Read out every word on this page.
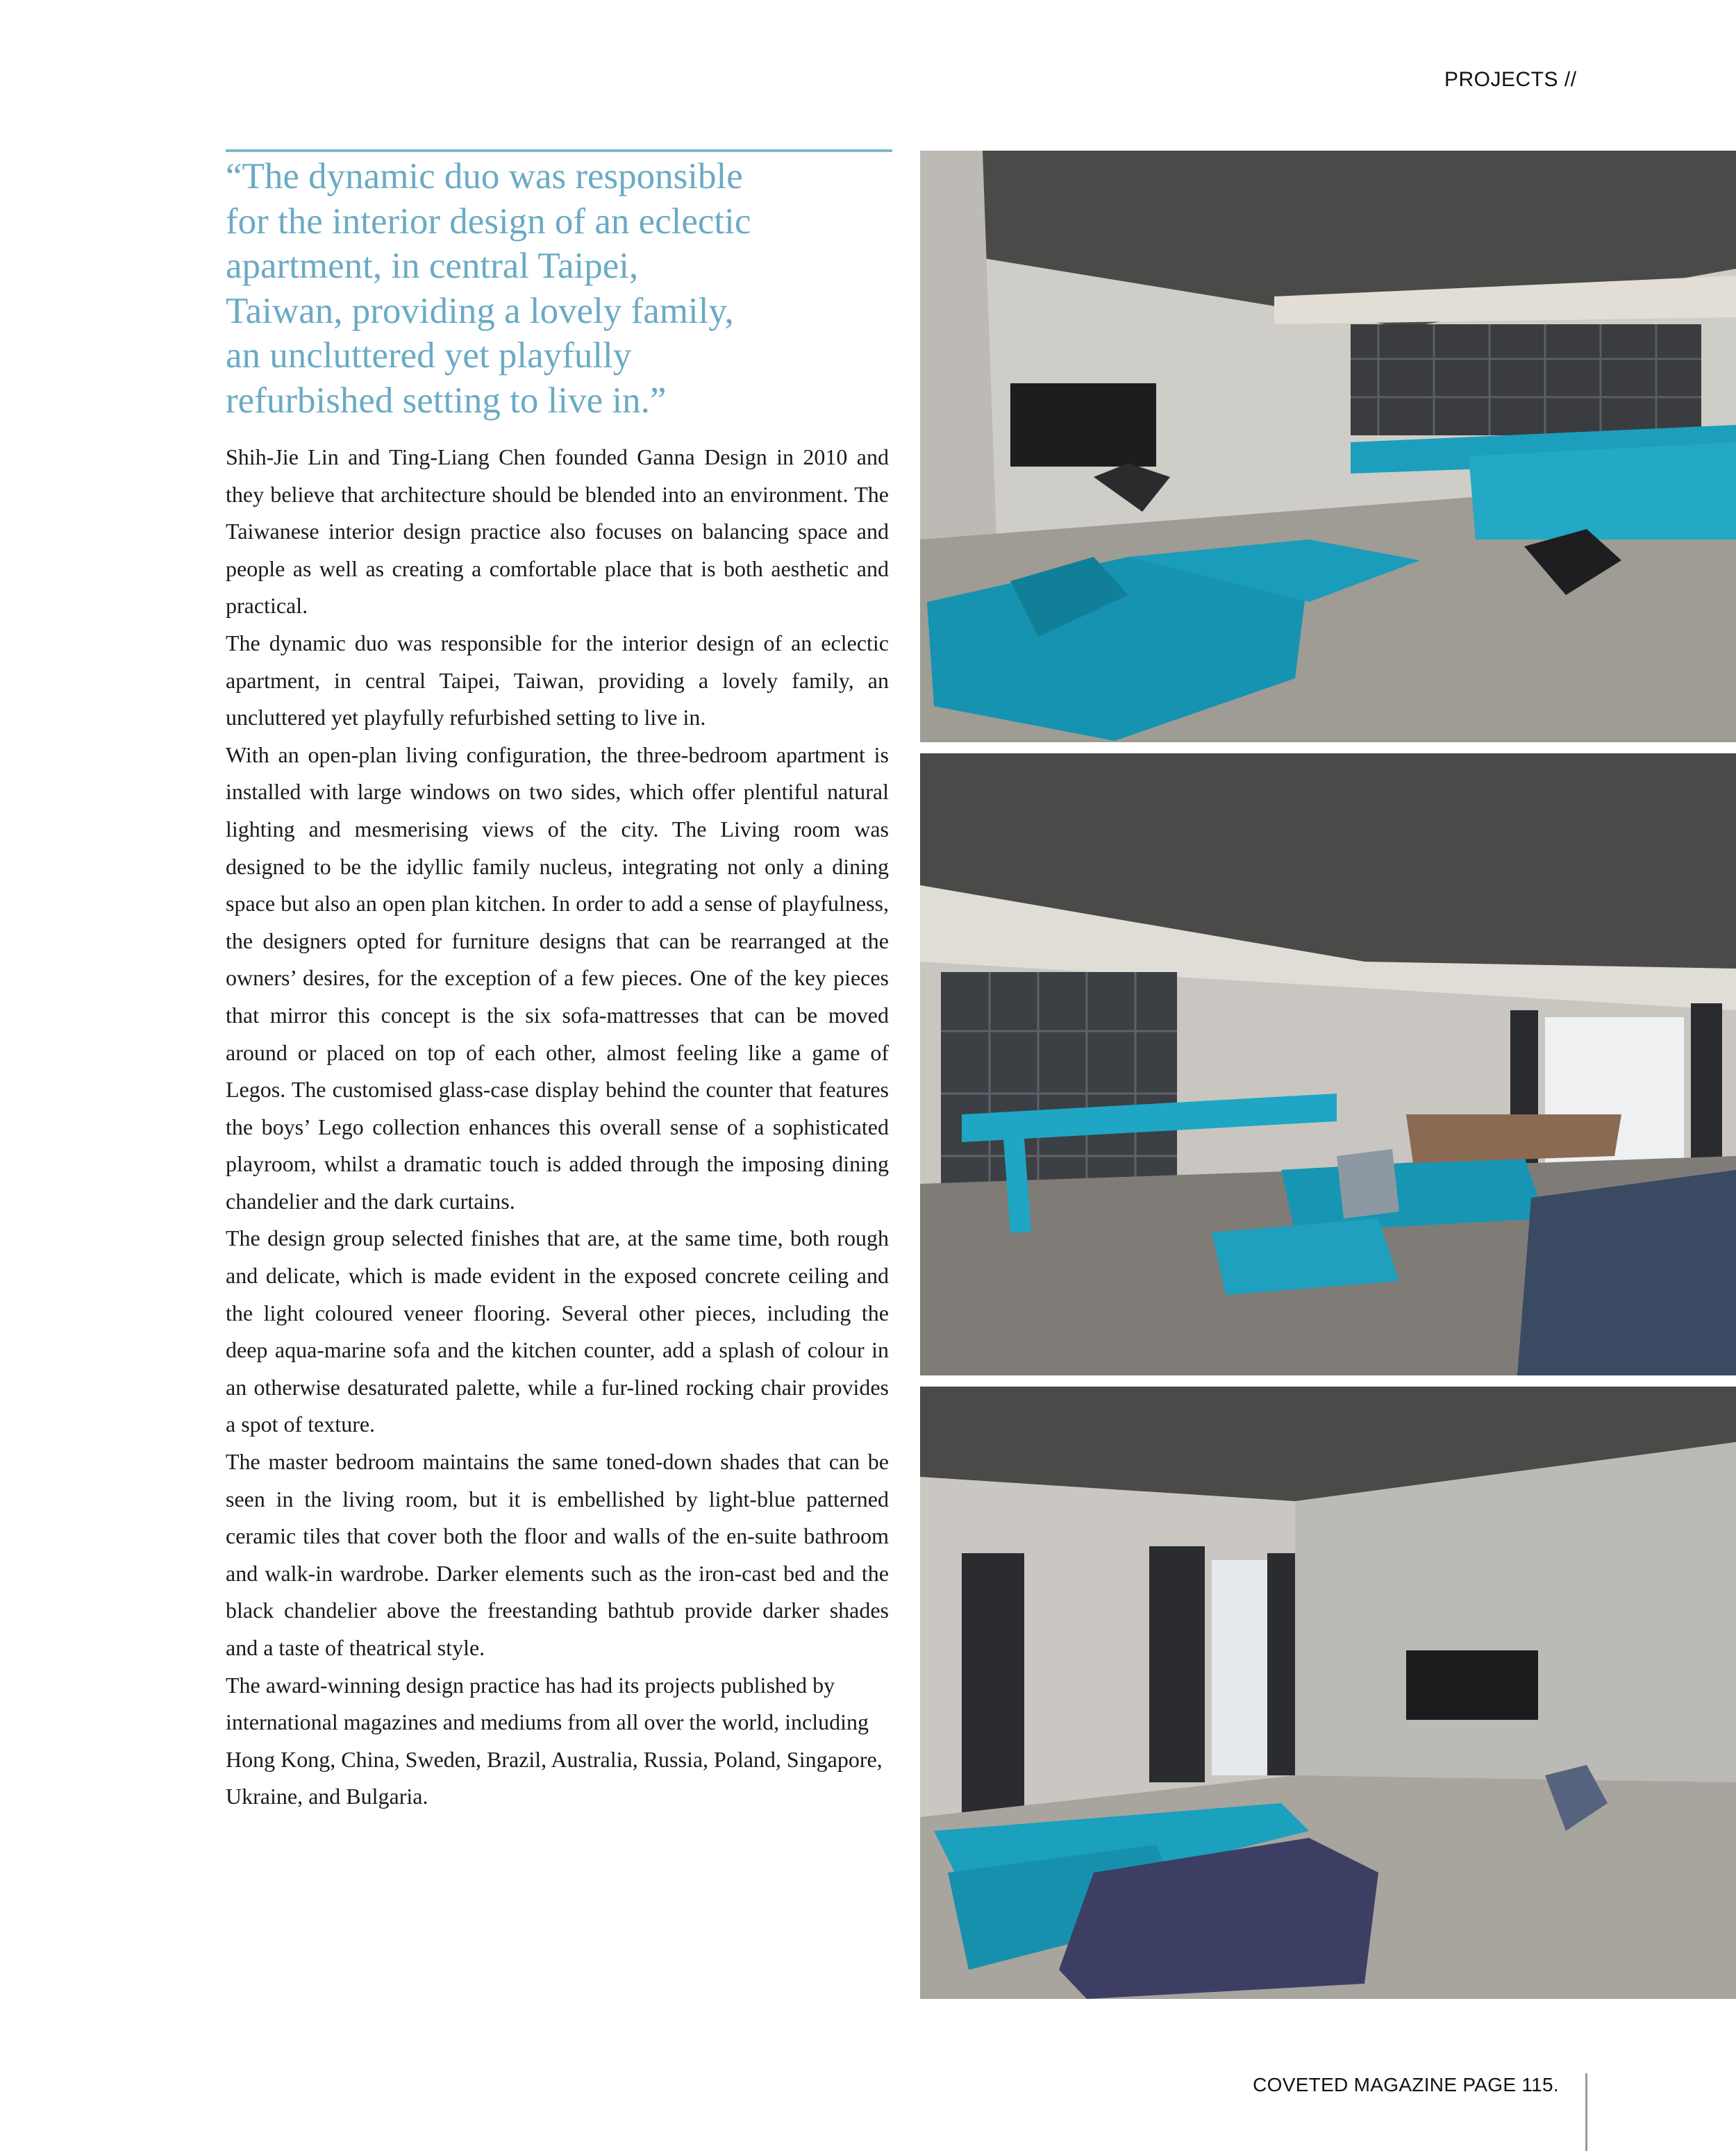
PROJECTS //
“The dynamic duo was responsible
for the interior design of an eclectic
apartment, in central Taipei,
Taiwan, providing a lovely family,
an uncluttered yet playfully
refurbished setting to live in.”

Shih-Jie Lin and Ting-Liang Chen founded Ganna Design in 2010 and they believe that architecture should be blended into an environment. The Taiwanese interior design practice also focuses on balancing space and people as well as creating a comfortable place that is both aesthetic and practical.

The dynamic duo was responsible for the interior design of an eclectic apartment, in central Taipei, Taiwan, providing a lovely family, an uncluttered yet playfully refurbished setting to live in.

With an open-plan living configuration, the three-bedroom apartment is installed with large windows on two sides, which offer plentiful natural lighting and mesmerising views of the city. The Living room was designed to be the idyllic family nucleus, integrating not only a dining space but also an open plan kitchen. In order to add a sense of playfulness, the designers opted for furniture designs that can be rearranged at the owners’ desires, for the exception of a few pieces. One of the key pieces that mirror this concept is the six sofa-mattresses that can be moved around or placed on top of each other, almost feeling like a game of Legos. The customised glass-case display behind the counter that features the boys’ Lego collection enhances this overall sense of a sophisticated playroom, whilst a dramatic touch is added through the imposing dining chandelier and the dark curtains.

The design group selected finishes that are, at the same time, both rough and delicate, which is made evident in the exposed concrete ceiling and the light coloured veneer flooring. Several other pieces, including the deep aqua-marine sofa and the kitchen counter, add a splash of colour in an otherwise desaturated palette, while a fur-lined rocking chair provides a spot of texture.

The master bedroom maintains the same toned-down shades that can be seen in the living room, but it is embellished by light-blue patterned ceramic tiles that cover both the floor and walls of the en-suite bathroom and walk-in wardrobe. Darker elements such as the iron-cast bed and the black chandelier above the freestanding bathtub provide darker shades and a taste of theatrical style.

The award-winning design practice has had its projects published by international magazines and mediums from all over the world, including Hong Kong, China, Sweden, Brazil, Australia, Russia, Poland, Singapore, Ukraine, and Bulgaria.

COVETED MAGAZINE PAGE 115.
